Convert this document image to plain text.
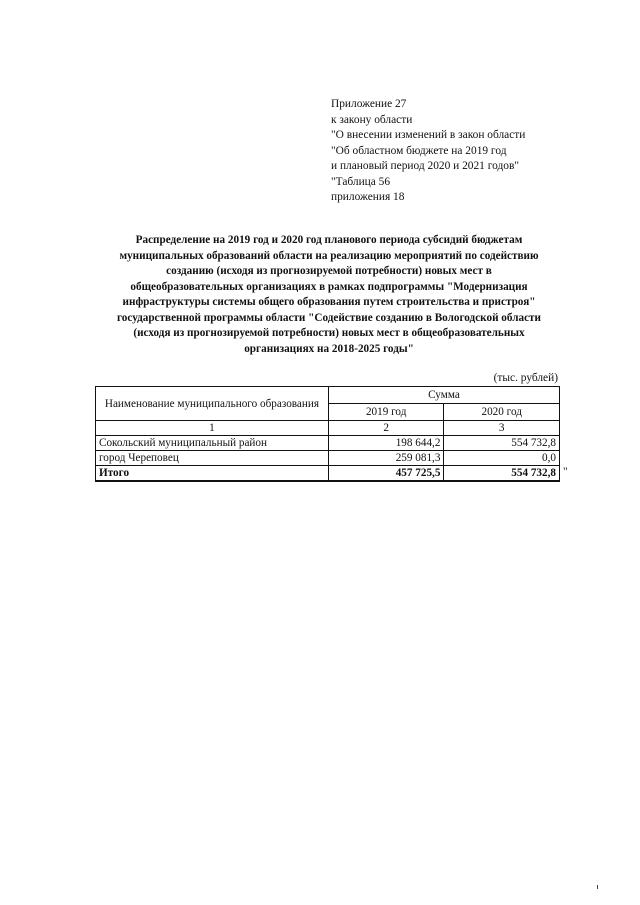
Приложение 27
к закону области
"О внесении изменений в закон области
"Об областном бюджете на 2019 год
и плановый период 2020 и 2021 годов"
"Таблица 56
приложения 18
Распределение на 2019 год и 2020 год планового периода субсидий бюджетам
муниципальных образований области на реализацию мероприятий по содействию
созданию (исходя из прогнозируемой потребности) новых мест в
общеобразовательных организациях в рамках подпрограммы "Модернизация
инфраструктуры системы общего образования путем строительства и пристроя"
государственной программы области "Содействие созданию в Вологодской области
(исходя из прогнозируемой потребности) новых мест в общеобразовательных
организациях на 2018-2025 годы"
(тыс. рублей)
Наименование муниципального образования	Сумма	
	2019 год	2020 год
1	2	3
Сокольский муниципальный район	198 644,2	554 732,8
город Череповец	259 081,3	0,0
Итого	457 725,5	554 732,8 "
